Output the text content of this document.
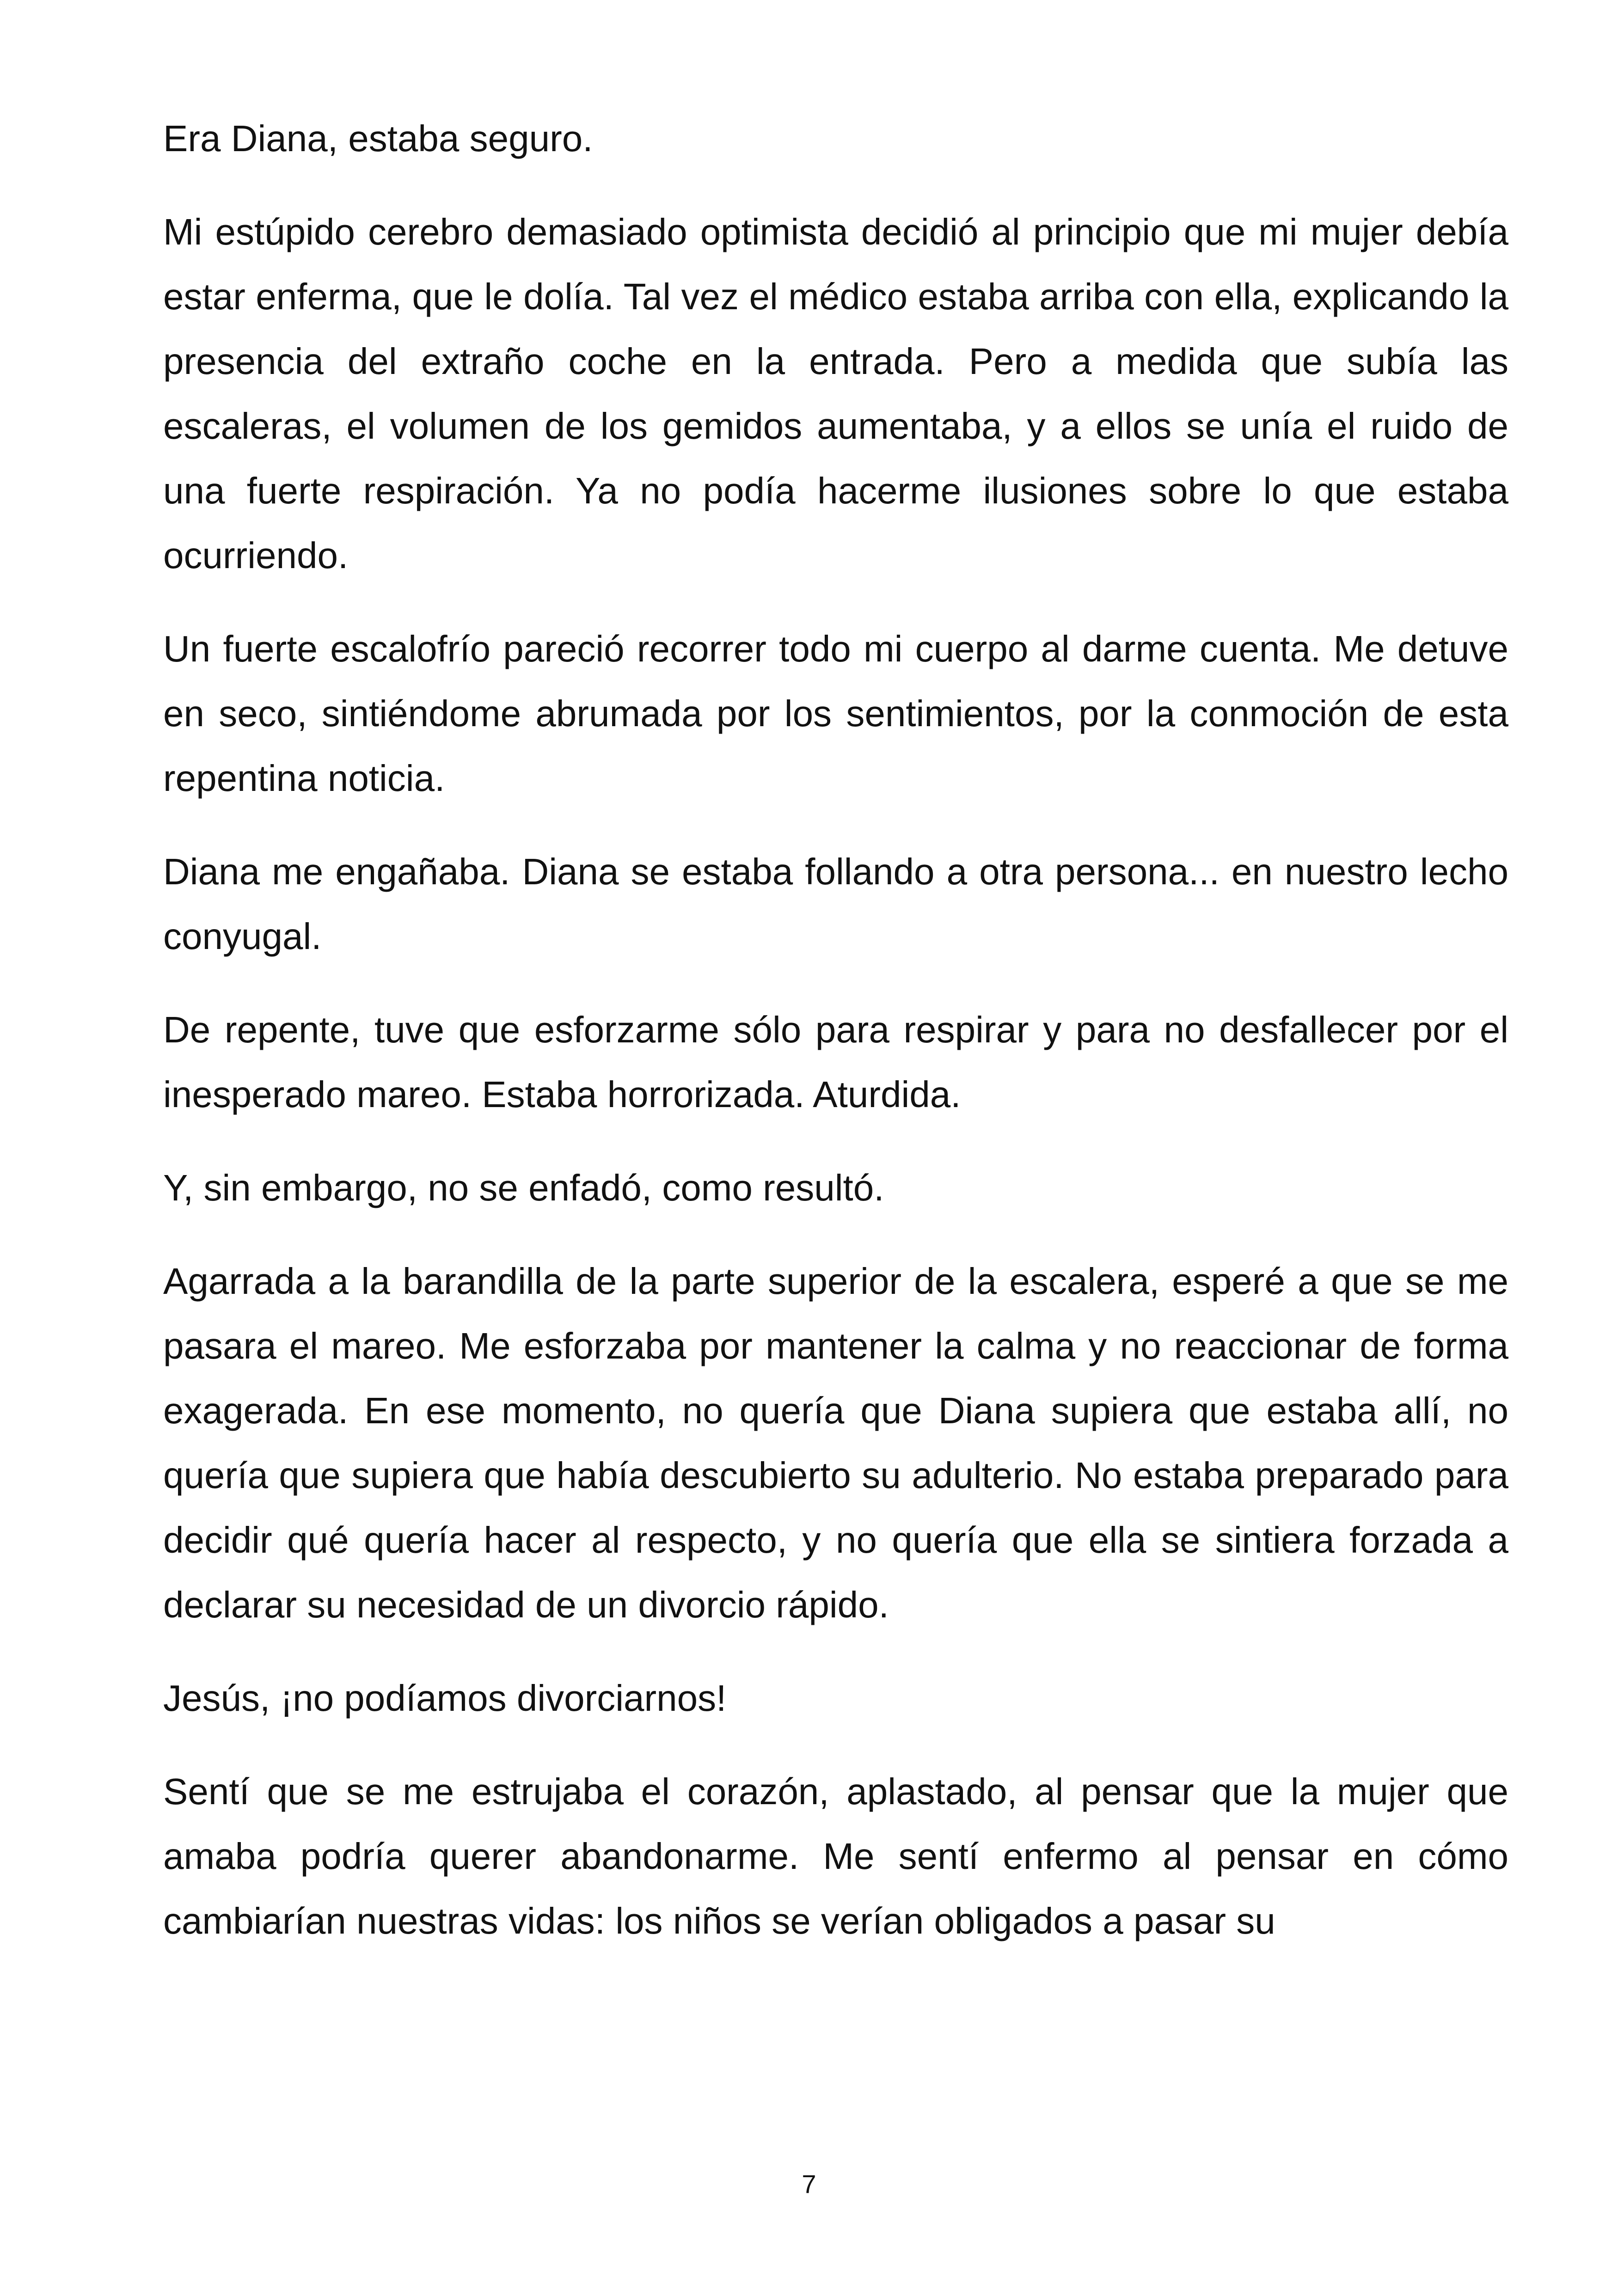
Era Diana, estaba seguro.

Mi estúpido cerebro demasiado optimista decidió al principio que mi mujer debía estar enferma, que le dolía. Tal vez el médico estaba arriba con ella, explicando la presencia del extraño coche en la entrada. Pero a medida que subía las escaleras, el volumen de los gemidos aumentaba, y a ellos se unía el ruido de una fuerte respiración. Ya no podía hacerme ilusiones sobre lo que estaba ocurriendo.

Un fuerte escalofrío pareció recorrer todo mi cuerpo al darme cuenta. Me detuve en seco, sintiéndome abrumada por los sentimientos, por la conmoción de esta repentina noticia.

Diana me engañaba. Diana se estaba follando a otra persona... en nuestro lecho conyugal.

De repente, tuve que esforzarme sólo para respirar y para no desfallecer por el inesperado mareo. Estaba horrorizada. Aturdida.

Y, sin embargo, no se enfadó, como resultó.

Agarrada a la barandilla de la parte superior de la escalera, esperé a que se me pasara el mareo. Me esforzaba por mantener la calma y no reaccionar de forma exagerada. En ese momento, no quería que Diana supiera que estaba allí, no quería que supiera que había descubierto su adulterio. No estaba preparado para decidir qué quería hacer al respecto, y no quería que ella se sintiera forzada a declarar su necesidad de un divorcio rápido.

Jesús, ¡no podíamos divorciarnos!

Sentí que se me estrujaba el corazón, aplastado, al pensar que la mujer que amaba podría querer abandonarme. Me sentí enfermo al pensar en cómo cambiarían nuestras vidas: los niños se verían obligados a pasar su

7
